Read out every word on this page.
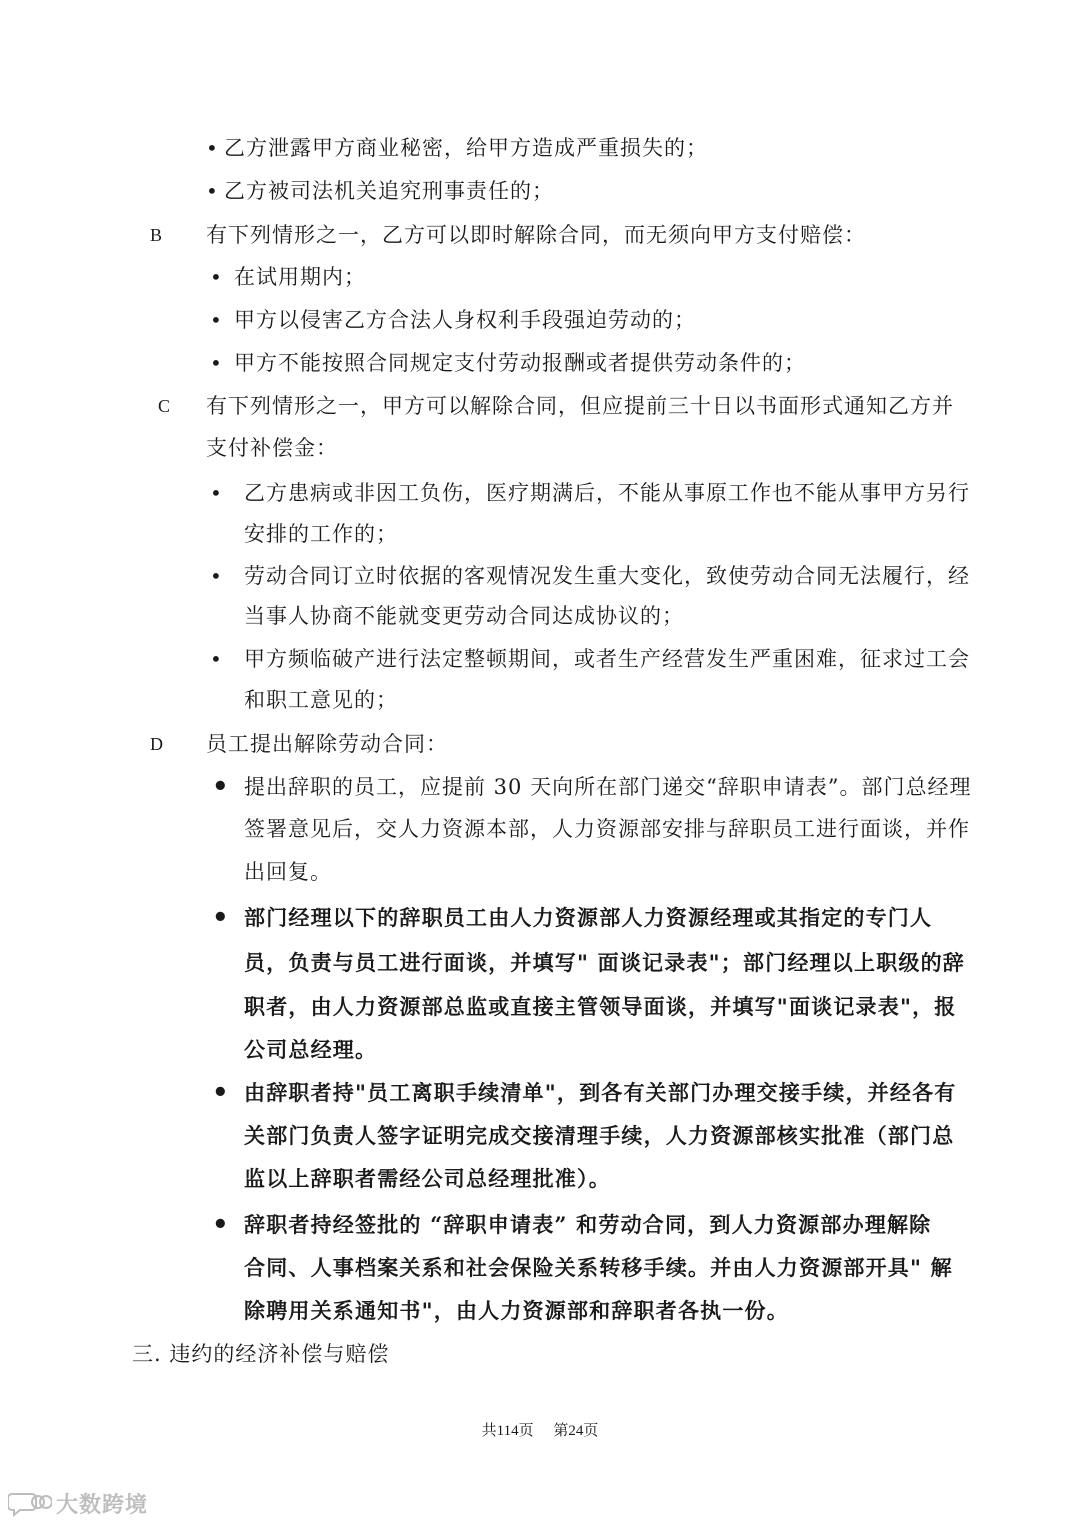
• 乙方泄露甲方商业秘密，给甲方造成严重损失的；
• 乙方被司法机关追究刑事责任的；
B 有下列情形之一，乙方可以即时解除合同，而无须向甲方支付赔偿：
• 在试用期内；
• 甲方以侵害乙方合法人身权利手段强迫劳动的；
• 甲方不能按照合同规定支付劳动报酬或者提供劳动条件的；
C 有下列情形之一，甲方可以解除合同，但应提前三十日以书面形式通知乙方并
支付补偿金：
• 乙方患病或非因工负伤，医疗期满后，不能从事原工作也不能从事甲方另行
安排的工作的；
• 劳动合同订立时依据的客观情况发生重大变化，致使劳动合同无法履行，经
当事人协商不能就变更劳动合同达成协议的；
• 甲方频临破产进行法定整顿期间，或者生产经营发生严重困难，征求过工会
和职工意见的；
D 员工提出解除劳动合同：
• 提出辞职的员工，应提前 30 天向所在部门递交“辞职申请表”。部门总经理
签署意见后，交人力资源本部，人力资源部安排与辞职员工进行面谈，并作
出回复。
• 部门经理以下的辞职员工由人力资源部人力资源经理或其指定的专门人
员，负责与员工进行面谈，并填写" 面谈记录表"；部门经理以上职级的辞
职者，由人力资源部总监或直接主管领导面谈，并填写"面谈记录表"，报
公司总经理。
• 由辞职者持"员工离职手续清单"，到各有关部门办理交接手续，并经各有
关部门负责人签字证明完成交接清理手续，人力资源部核实批准（部门总
监以上辞职者需经公司总经理批准）。
• 辞职者持经签批的 “辞职申请表” 和劳动合同，到人力资源部办理解除
合同、人事档案关系和社会保险关系转移手续。并由人力资源部开具" 解
除聘用关系通知书"，由人力资源部和辞职者各执一份。
三. 违约的经济补偿与赔偿
共114页 第24页
大数跨境
